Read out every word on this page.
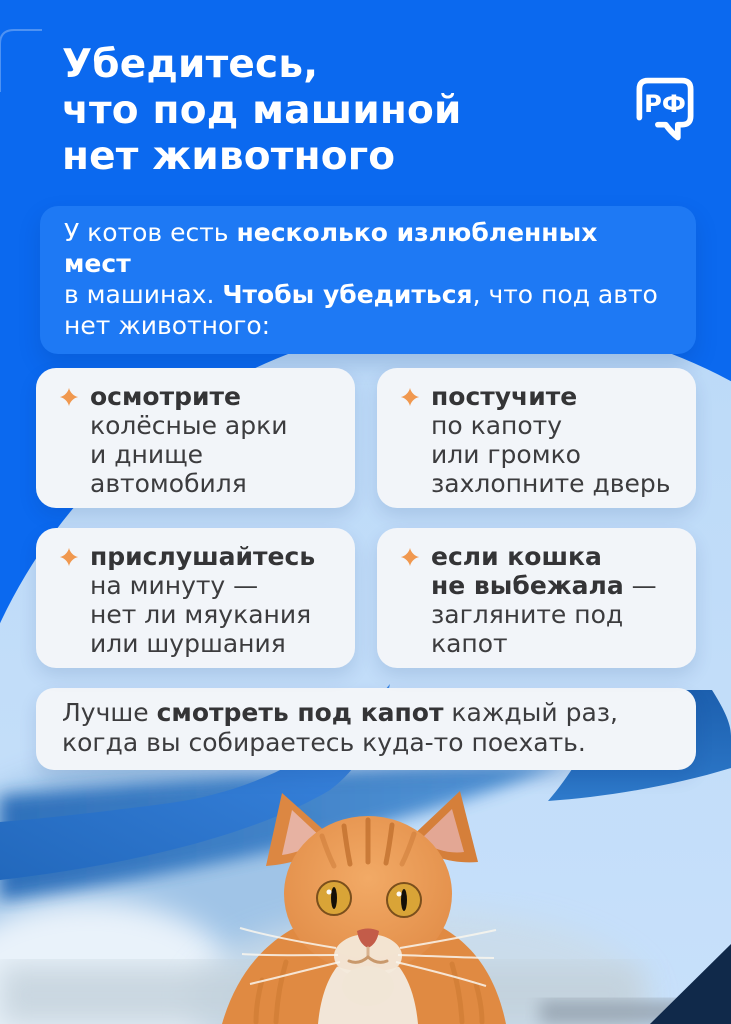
Убедитесь,
что под машиной
нет животного
РФ
У котов есть несколько излюбленных мест
в машинах. Чтобы убедиться, что под авто
нет животного:
осмотрите
колёсные арки
и днище
автомобиля
постучите
по капоту
или громко
захлопните дверь
прислушайтесь
на минуту —
нет ли мяукания
или шуршания
если кошка
не выбежала —
загляните под капот
Лучше смотреть под капот каждый раз,
когда вы собираетесь куда-то поехать.
